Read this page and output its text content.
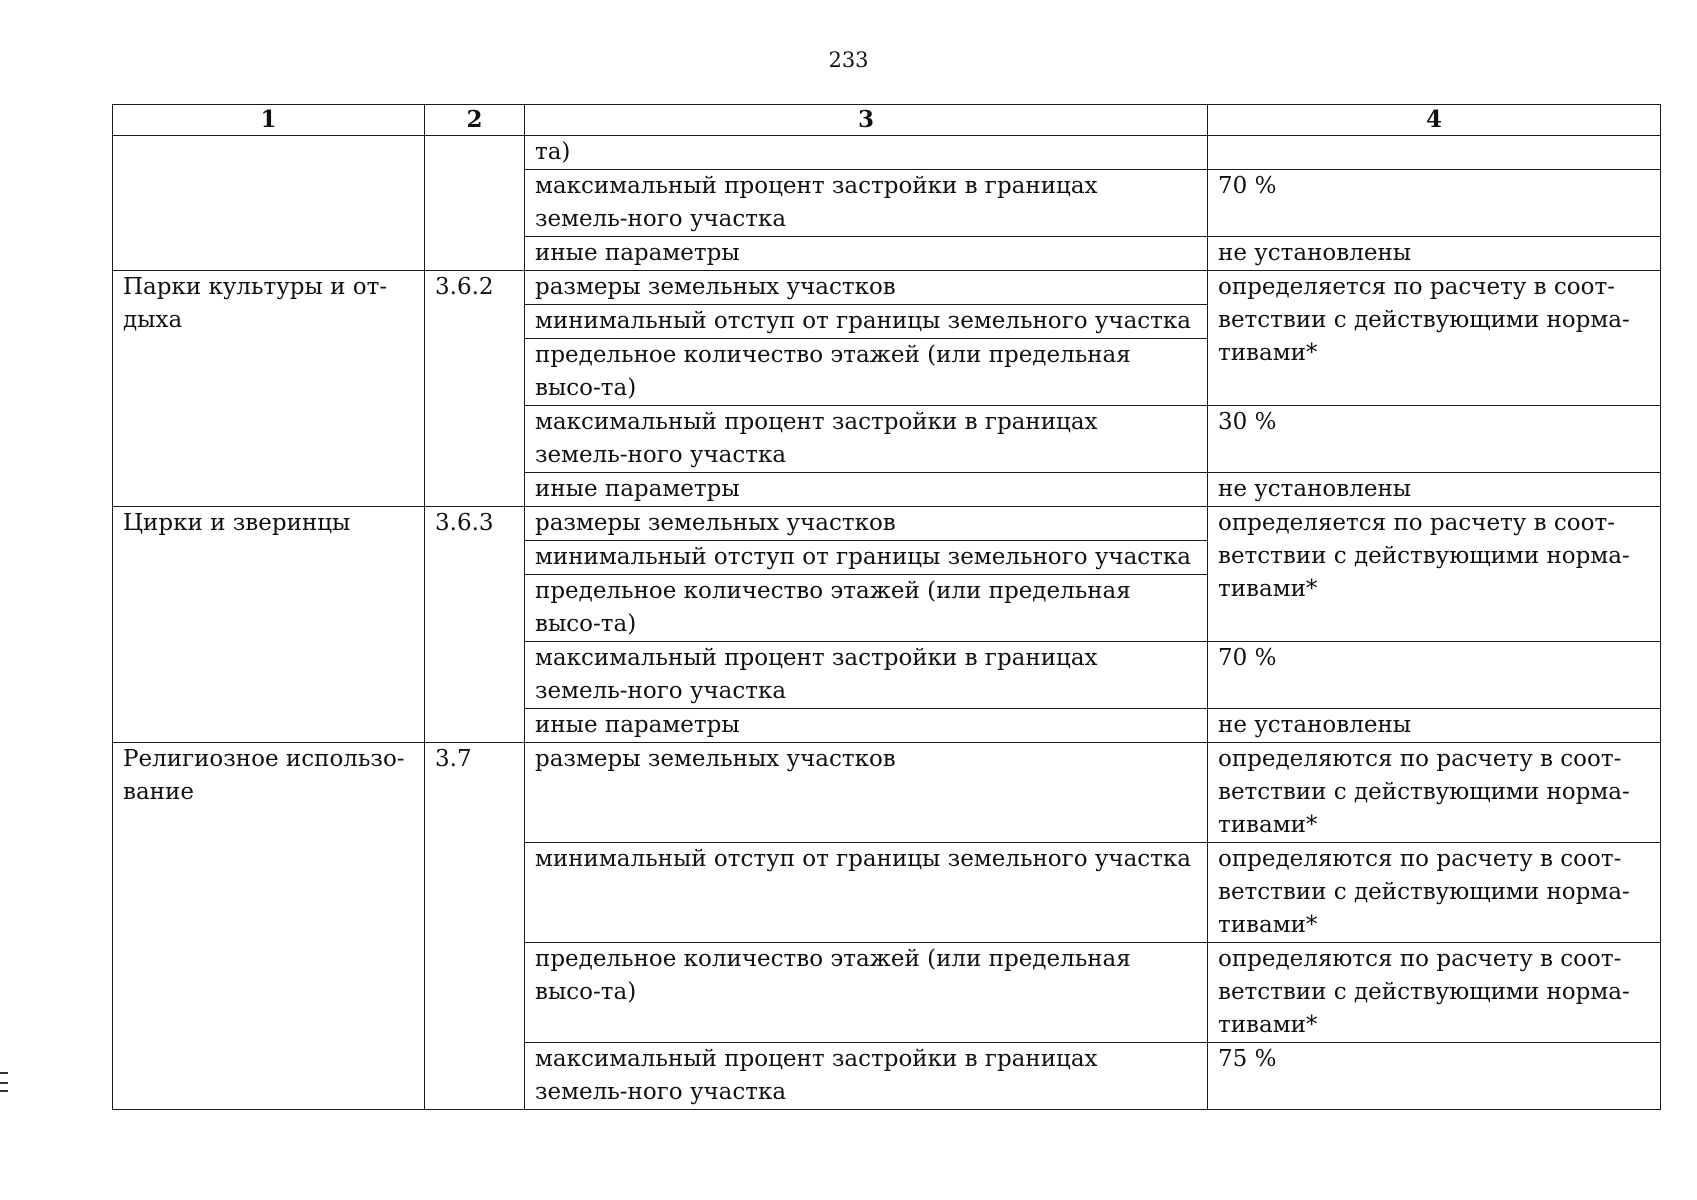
233
1	2	3	4
		та)	
		максимальный процент застройки в границах земель-ного участка	70 %
		иные параметры	не установлены
Парки культуры и от-дыха	3.6.2	размеры земельных участков	определяется по расчету в соот-ветствии с действующими норма-тивами*
		минимальный отступ от границы земельного участка	
		предельное количество этажей (или предельная высо-та)	
		максимальный процент застройки в границах земель-ного участка	30 %
		иные параметры	не установлены
Цирки и зверинцы	3.6.3	размеры земельных участков	определяется по расчету в соот-ветствии с действующими норма-тивами*
		минимальный отступ от границы земельного участка	
		предельное количество этажей (или предельная высо-та)	
		максимальный процент застройки в границах земель-ного участка	70 %
		иные параметры	не установлены
Религиозное использо-вание	3.7	размеры земельных участков	определяются по расчету в соот-ветствии с действующими норма-тивами*
		минимальный отступ от границы земельного участка	определяются по расчету в соот-ветствии с действующими норма-тивами*
		предельное количество этажей (или предельная высо-та)	определяются по расчету в соот-ветствии с действующими норма-тивами*
		максимальный процент застройки в границах земель-ного участка	75 %
